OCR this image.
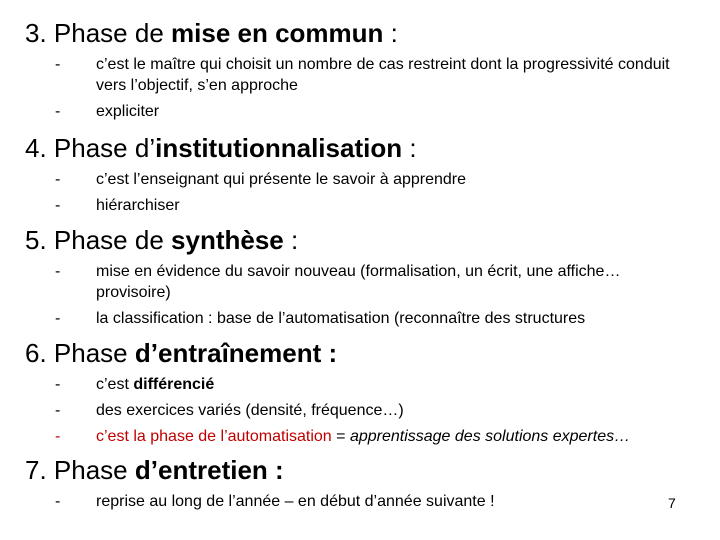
3. Phase de mise en commun :
- c’est le maître qui choisit un nombre de cas restreint dont la progressivité conduit vers l’objectif, s’en approche
- expliciter
4. Phase d’institutionnalisation :
- c’est l’enseignant qui présente le savoir à apprendre
- hiérarchiser
5. Phase de synthèse :
- mise en évidence du savoir nouveau (formalisation, un écrit, une affiche… provisoire)
- la classification : base de l’automatisation (reconnaître des structures
6. Phase d’entraînement :
- c’est différencié
- des exercices variés (densité, fréquence…)
- c’est la phase de l’automatisation = apprentissage des solutions expertes…
7. Phase d’entretien :
- reprise au long de l’année – en début d’année suivante !	7
